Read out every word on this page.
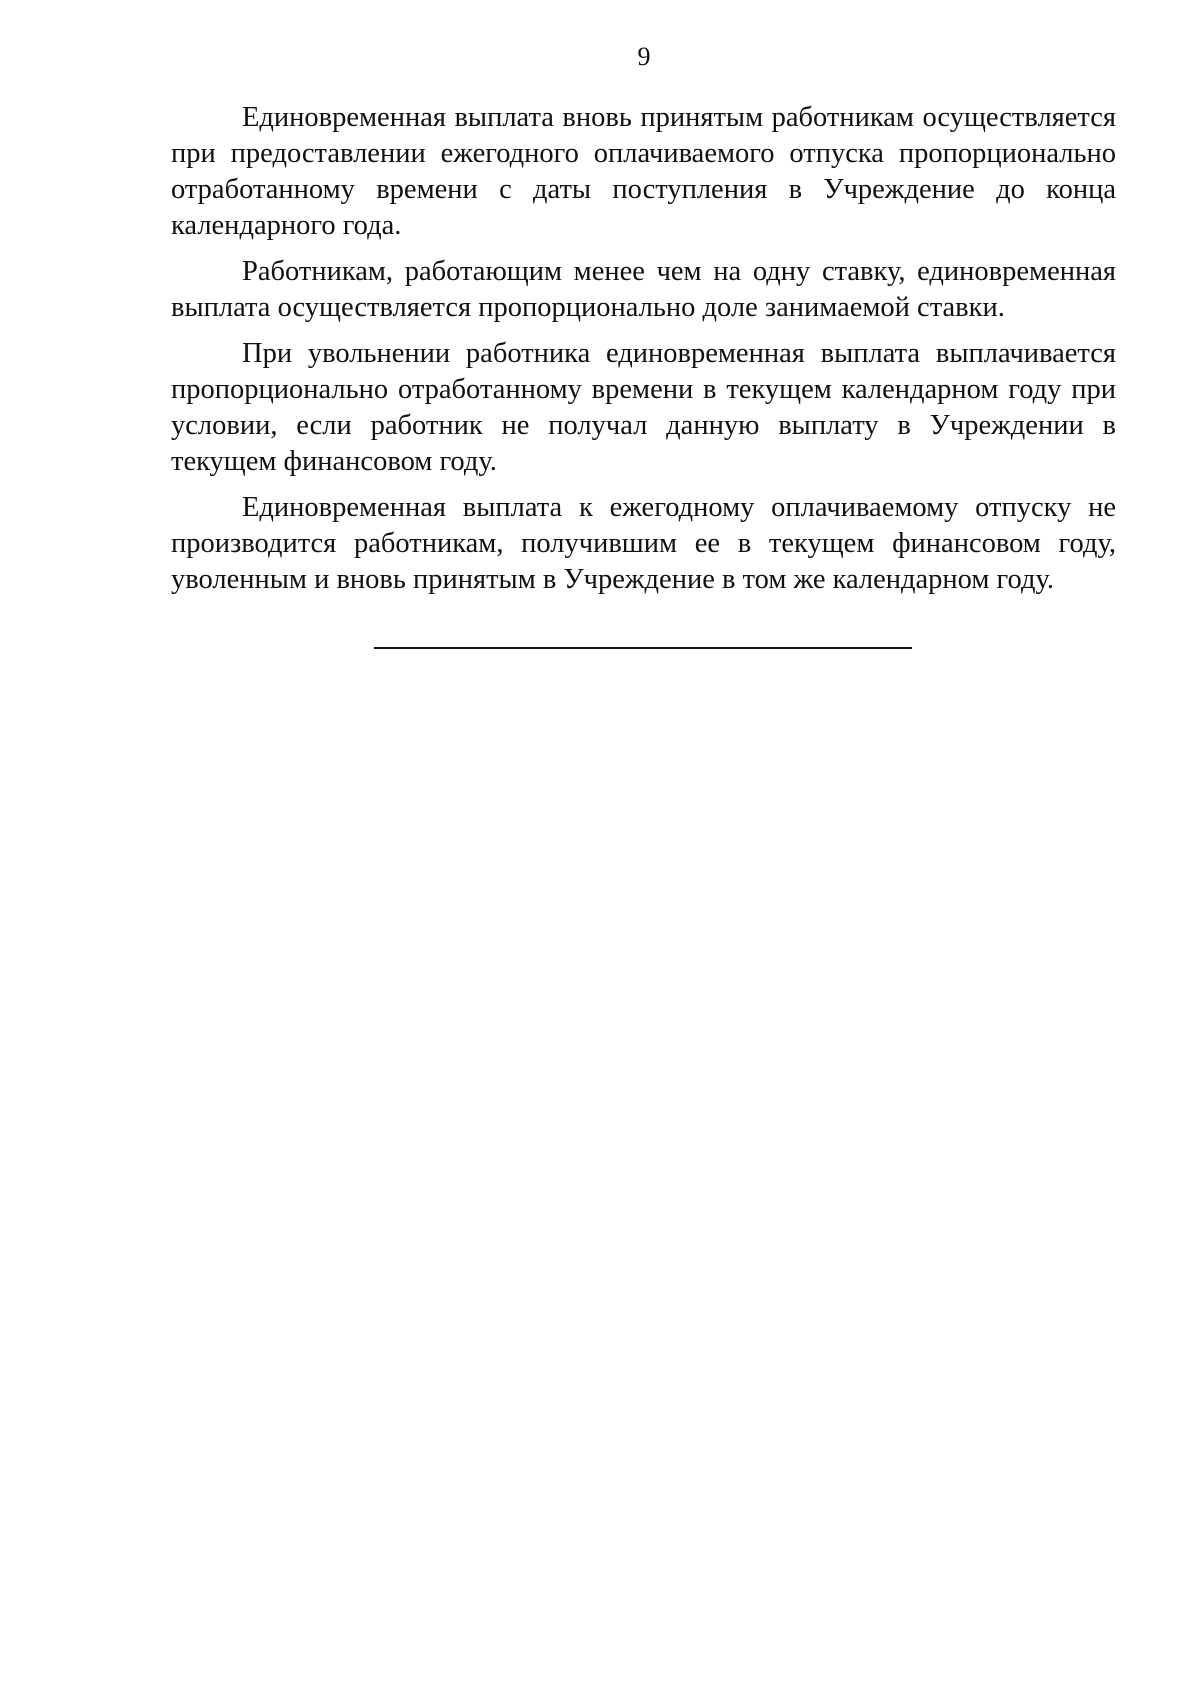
9

Единовременная выплата вновь принятым работникам осуществляется при предоставлении ежегодного оплачиваемого отпуска пропорционально отработанному времени с даты поступления в Учреждение до конца календарного года.

Работникам, работающим менее чем на одну ставку, единовременная выплата осуществляется пропорционально доле занимаемой ставки.

При увольнении работника единовременная выплата выплачивается пропорционально отработанному времени в текущем календарном году при условии, если работник не получал данную выплату в Учреждении в текущем финансовом году.

Единовременная выплата к ежегодному оплачиваемому отпуску не производится работникам, получившим ее в текущем финансовом году, уволенным и вновь принятым в Учреждение в том же календарном году.
